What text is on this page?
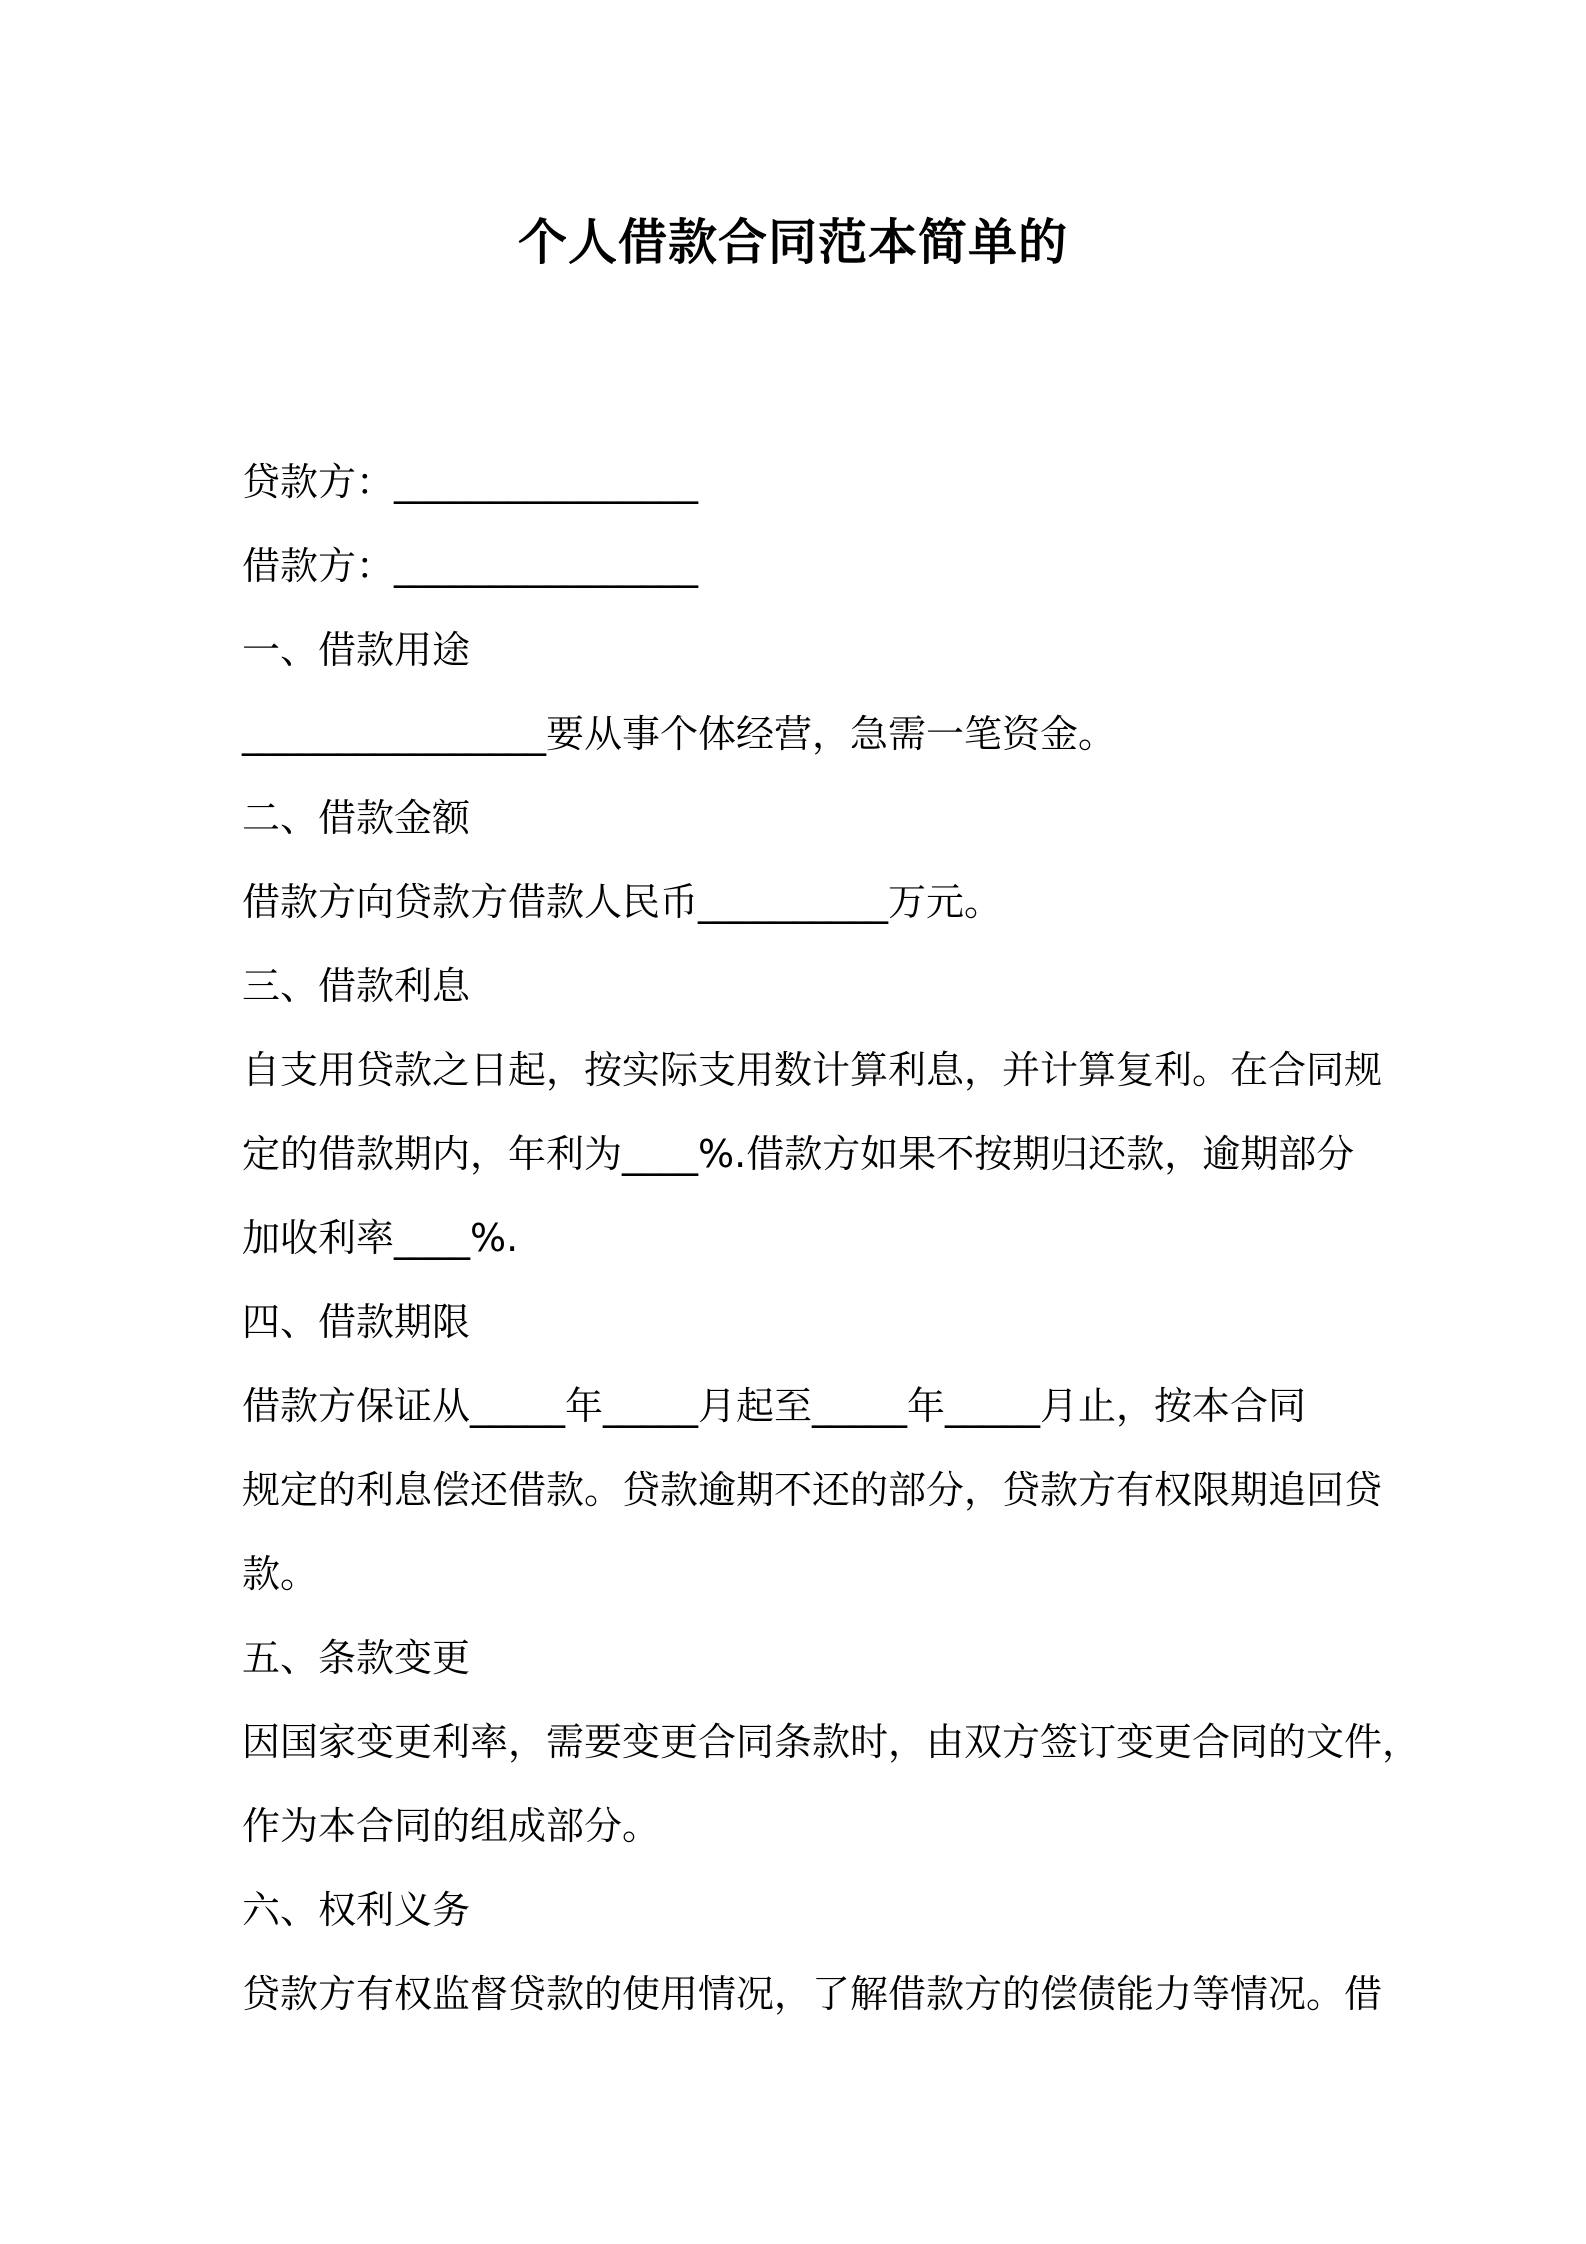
个人借款合同范本简单的

贷款方：________________

借款方：________________

一、借款用途

________________要从事个体经营，急需一笔资金。

二、借款金额

借款方向贷款方借款人民币__________万元。

三、借款利息

自支用贷款之日起，按实际支用数计算利息，并计算复利。在合同规

定的借款期内，年利为____%.借款方如果不按期归还款，逾期部分

加收利率____%.

四、借款期限

借款方保证从_____年_____月起至_____年_____月止，按本合同

规定的利息偿还借款。贷款逾期不还的部分，贷款方有权限期追回贷

款。

五、条款变更

因国家变更利率，需要变更合同条款时，由双方签订变更合同的文件，

作为本合同的组成部分。

六、权利义务

贷款方有权监督贷款的使用情况，了解借款方的偿债能力等情况。借
